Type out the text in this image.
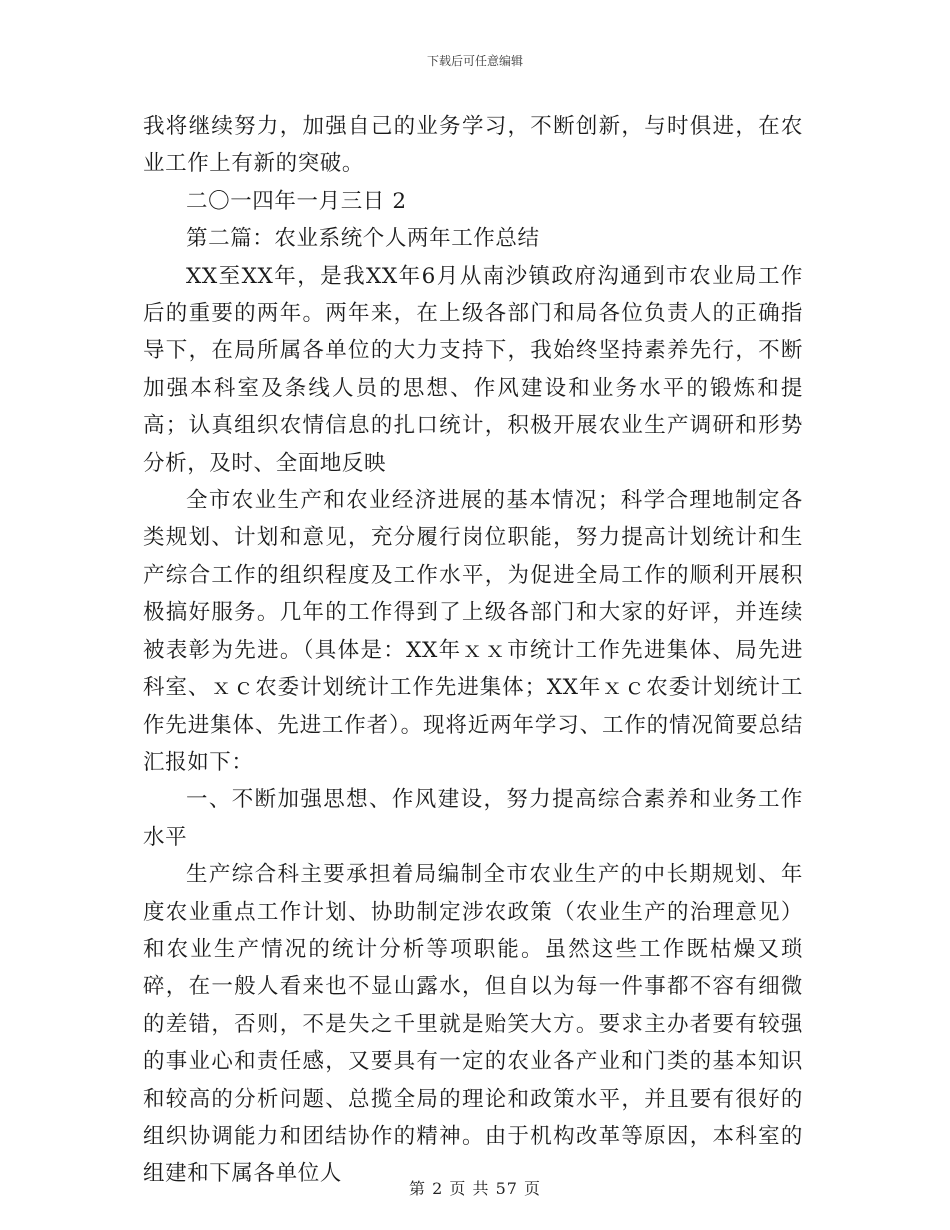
下载后可任意编辑

我将继续努力，加强自己的业务学习，不断创新，与时俱进，在农业工作上有新的突破。

二〇一四年一月三日 2

第二篇：农业系统个人两年工作总结

XX至XX年，是我XX年6月从南沙镇政府沟通到市农业局工作后的重要的两年。两年来，在上级各部门和局各位负责人的正确指导下，在局所属各单位的大力支持下，我始终坚持素养先行，不断加强本科室及条线人员的思想、作风建设和业务水平的锻炼和提高；认真组织农情信息的扎口统计，积极开展农业生产调研和形势分析，及时、全面地反映

全市农业生产和农业经济进展的基本情况；科学合理地制定各类规划、计划和意见，充分履行岗位职能，努力提高计划统计和生产综合工作的组织程度及工作水平，为促进全局工作的顺利开展积极搞好服务。几年的工作得到了上级各部门和大家的好评，并连续被表彰为先进。（具体是：XX年ｘｘ市统计工作先进集体、局先进科室、ｘｃ农委计划统计工作先进集体；XX年ｘｃ农委计划统计工作先进集体、先进工作者）。现将近两年学习、工作的情况简要总结汇报如下：

一、不断加强思想、作风建设，努力提高综合素养和业务工作水平

生产综合科主要承担着局编制全市农业生产的中长期规划、年度农业重点工作计划、协助制定涉农政策（农业生产的治理意见）和农业生产情况的统计分析等项职能。虽然这些工作既枯燥又琐碎，在一般人看来也不显山露水，但自以为每一件事都不容有细微的差错，否则，不是失之千里就是贻笑大方。要求主办者要有较强的事业心和责任感，又要具有一定的农业各产业和门类的基本知识和较高的分析问题、总揽全局的理论和政策水平，并且要有很好的组织协调能力和团结协作的精神。由于机构改革等原因，本科室的组建和下属各单位人

第 2 页 共 57 页
